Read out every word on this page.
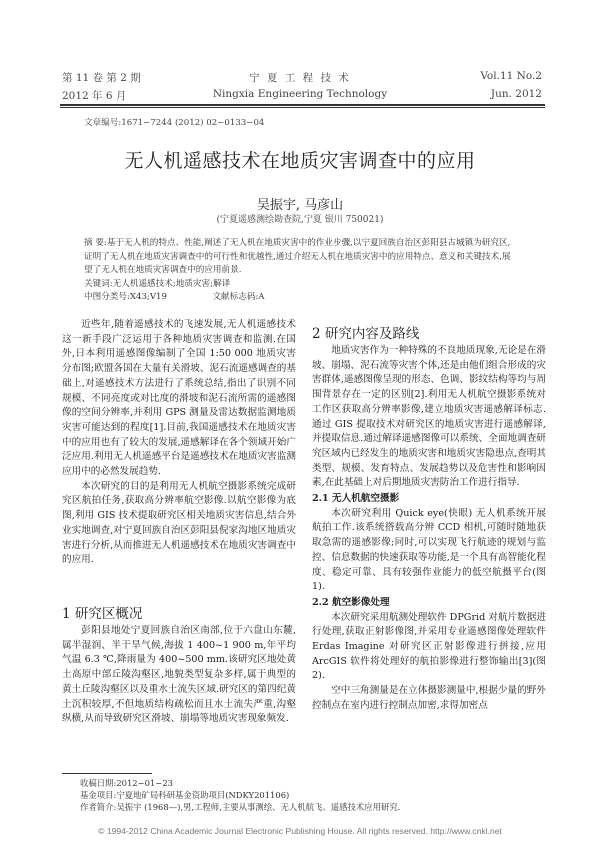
第 11 卷 第 2 期
2012 年 6 月
宁 夏 工 程 技 术
Ningxia Engineering Technology
Vol.11 No.2
Jun. 2012
文章编号:1671−7244 (2012) 02−0133−04
无人机遥感技术在地质灾害调查中的应用
吴振宇, 马彦山
(宁夏遥感测绘勘查院,宁夏 银川 750021)
摘 要:基于无人机的特点、性能,阐述了无人机在地质灾害中的作业步骤,以宁夏回族自治区彭阳县古城镇为研究区,证明了无人机在地质灾害调查中的可行性和优越性,通过介绍无人机在地质灾害中的应用特点、意义和关键技术,展望了无人机在地质灾害调查中的应用前景.
关键词:无人机遥感技术;地质灾害;解译
中图分类号:X43;V19	文献标志码:A

近些年,随着遥感技术的飞速发展,无人机遥感技术这一新手段广泛运用于各种地质灾害调查和监测.在国外,日本利用遥感图像编制了全国 1:50 000 地质灾害分布图;欧盟各国在大量有关滑坡、泥石流遥感调查的基础上,对遥感技术方法进行了系统总结,指出了识别不同规模、不同亮度或对比度的滑坡和泥石流所需的遥感图像的空间分辨率,并利用 GPS 测量及雷达数据监测地质灾害可能达到的程度[1].目前,我国遥感技术在地质灾害中的应用也有了较大的发展,遥感解译在各个领域开始广泛应用.利用无人机遥感平台是遥感技术在地质灾害监测应用中的必然发展趋势.

本次研究的目的是利用无人机航空摄影系统完成研究区航拍任务,获取高分辨率航空影像.以航空影像为底图,利用 GIS 技术提取研究区相关地质灾害信息,结合外业实地调查,对宁夏回族自治区彭阳县倪家沟地区地质灾害进行分析,从而推进无人机遥感技术在地质灾害调查中的应用.

1 研究区概况

彭阳县地处宁夏回族自治区南部,位于六盘山东麓,属半湿润、半干旱气候,海拔 1 400~1 900 m,年平均气温 6.3 ℃,降雨量为 400~500 mm.该研究区地处黄土高原中部丘陵沟壑区,地貌类型复杂多样,属于典型的黄土丘陵沟壑区以及重水土流失区域.研究区的第四纪黄土沉积较厚,不但地质结构疏松而且水土流失严重,沟壑纵横,从而导致研究区滑坡、崩塌等地质灾害现象频发.

收稿日期:2012−01−23
基金项目:宁夏地矿局科研基金资助项目(NDKY201106)
作者简介:吴振宇 (1968—),男,工程师,主要从事测绘、无人机航飞、遥感技术应用研究.
2 研究内容及路线

地质灾害作为一种特殊的不良地质现象,无论是在滑坡、崩塌、泥石流等灾害个体,还是由他们组合形成的灾害群体,遥感图像呈现的形态、色调、影纹结构等均与周围背景存在一定的区别[2].利用无人机航空摄影系统对工作区获取高分辨率影像,建立地质灾害遥感解译标志.通过 GIS 提取技术对研究区的地质灾害进行遥感解译,并提取信息.通过解译遥感图像可以系统、全面地调查研究区域内已经发生的地质灾害和地质灾害隐患点,查明其类型、规模、发育特点、发展趋势以及危害性和影响因素,在此基础上对后期地质灾害防治工作进行指导.

2.1 无人机航空摄影

本次研究利用 Quick eye(快眼) 无人机系统开展航拍工作.该系统搭载高分辨 CCD 相机,可随时随地获取急需的遥感影像;同时,可以实现飞行航迹的规划与监控、信息数据的快速获取等功能,是一个具有高智能化程度、稳定可靠、具有较强作业能力的低空航摄平台(图 1).

2.2 航空影像处理

本次研究采用航测处理软件 DPGrid 对航片数据进行处理,获取正射影像图,并采用专业遥感图像处理软件 Erdas Imagine 对研究区正射影像进行拼接,应用 ArcGIS 软件将处理好的航拍影像进行整饰输出[3](图 2).

空中三角测量是在立体摄影测量中,根据少量的野外控制点在室内进行控制点加密,求得加密点

© 1994-2012 China Academic Journal Electronic Publishing House. All rights reserved. http://www.cnki.net
